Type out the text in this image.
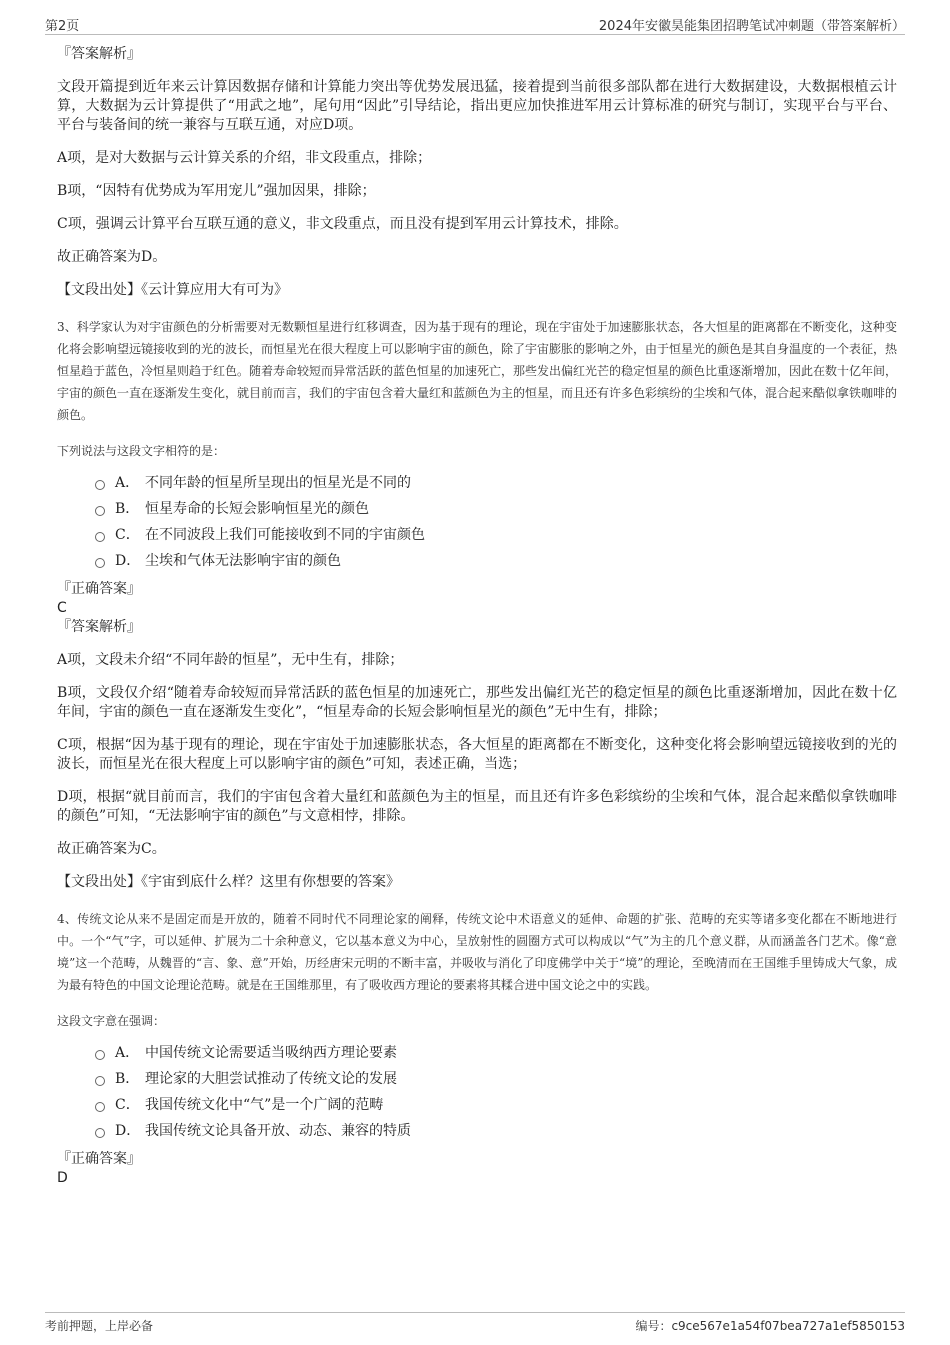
第2页	2024年安徽昊能集团招聘笔试冲刺题（带答案解析）

『答案解析』

文段开篇提到近年来云计算因数据存储和计算能力突出等优势发展迅猛，接着提到当前很多部队都在进行大数据建设，大数据根植云计算，大数据为云计算提供了“用武之地”，尾句用“因此”引导结论，指出更应加快推进军用云计算标准的研究与制订，实现平台与平台、平台与装备间的统一兼容与互联互通，对应D项。

A项，是对大数据与云计算关系的介绍，非文段重点，排除；

B项，“因特有优势成为军用宠儿”强加因果，排除；

C项，强调云计算平台互联互通的意义，非文段重点，而且没有提到军用云计算技术，排除。

故正确答案为D。

【文段出处】《云计算应用大有可为》

3、科学家认为对宇宙颜色的分析需要对无数颗恒星进行红移调查，因为基于现有的理论，现在宇宙处于加速膨胀状态，各大恒星的距离都在不断变化，这种变化将会影响望远镜接收到的光的波长，而恒星光在很大程度上可以影响宇宙的颜色，除了宇宙膨胀的影响之外，由于恒星光的颜色是其自身温度的一个表征，热恒星趋于蓝色，冷恒星则趋于红色。随着寿命较短而异常活跃的蓝色恒星的加速死亡，那些发出偏红光芒的稳定恒星的颜色比重逐渐增加，因此在数十亿年间，宇宙的颜色一直在逐渐发生变化，就目前而言，我们的宇宙包含着大量红和蓝颜色为主的恒星，而且还有许多色彩缤纷的尘埃和气体，混合起来酷似拿铁咖啡的颜色。

下列说法与这段文字相符的是：

A． 不同年龄的恒星所呈现出的恒星光是不同的
B． 恒星寿命的长短会影响恒星光的颜色
C． 在不同波段上我们可能接收到不同的宇宙颜色
D． 尘埃和气体无法影响宇宙的颜色

『正确答案』

C

『答案解析』

A项，文段未介绍“不同年龄的恒星”，无中生有，排除；

B项，文段仅介绍“随着寿命较短而异常活跃的蓝色恒星的加速死亡，那些发出偏红光芒的稳定恒星的颜色比重逐渐增加，因此在数十亿年间，宇宙的颜色一直在逐渐发生变化”，“恒星寿命的长短会影响恒星光的颜色”无中生有，排除；

C项，根据“因为基于现有的理论，现在宇宙处于加速膨胀状态，各大恒星的距离都在不断变化，这种变化将会影响望远镜接收到的光的波长，而恒星光在很大程度上可以影响宇宙的颜色”可知，表述正确，当选；

D项，根据“就目前而言，我们的宇宙包含着大量红和蓝颜色为主的恒星，而且还有许多色彩缤纷的尘埃和气体，混合起来酷似拿铁咖啡的颜色”可知，“无法影响宇宙的颜色”与文意相悖，排除。

故正确答案为C。

【文段出处】《宇宙到底什么样？这里有你想要的答案》

4、传统文论从来不是固定而是开放的，随着不同时代不同理论家的阐释，传统文论中术语意义的延伸、命题的扩张、范畴的充实等诸多变化都在不断地进行中。一个“气”字，可以延伸、扩展为二十余种意义，它以基本意义为中心，呈放射性的圆圈方式可以构成以“气”为主的几个意义群，从而涵盖各门艺术。像“意境”这一个范畴，从魏晋的“言、象、意”开始，历经唐宋元明的不断丰富，并吸收与消化了印度佛学中关于“境”的理论，至晚清而在王国维手里铸成大气象，成为最有特色的中国文论理论范畴。就是在王国维那里，有了吸收西方理论的要素将其糅合进中国文论之中的实践。

这段文字意在强调：

A． 中国传统文论需要适当吸纳西方理论要素
B． 理论家的大胆尝试推动了传统文论的发展
C． 我国传统文化中“气”是一个广阔的范畴
D． 我国传统文论具备开放、动态、兼容的特质

『正确答案』

D

考前押题，上岸必备	编号：c9ce567e1a54f07bea727a1ef5850153
